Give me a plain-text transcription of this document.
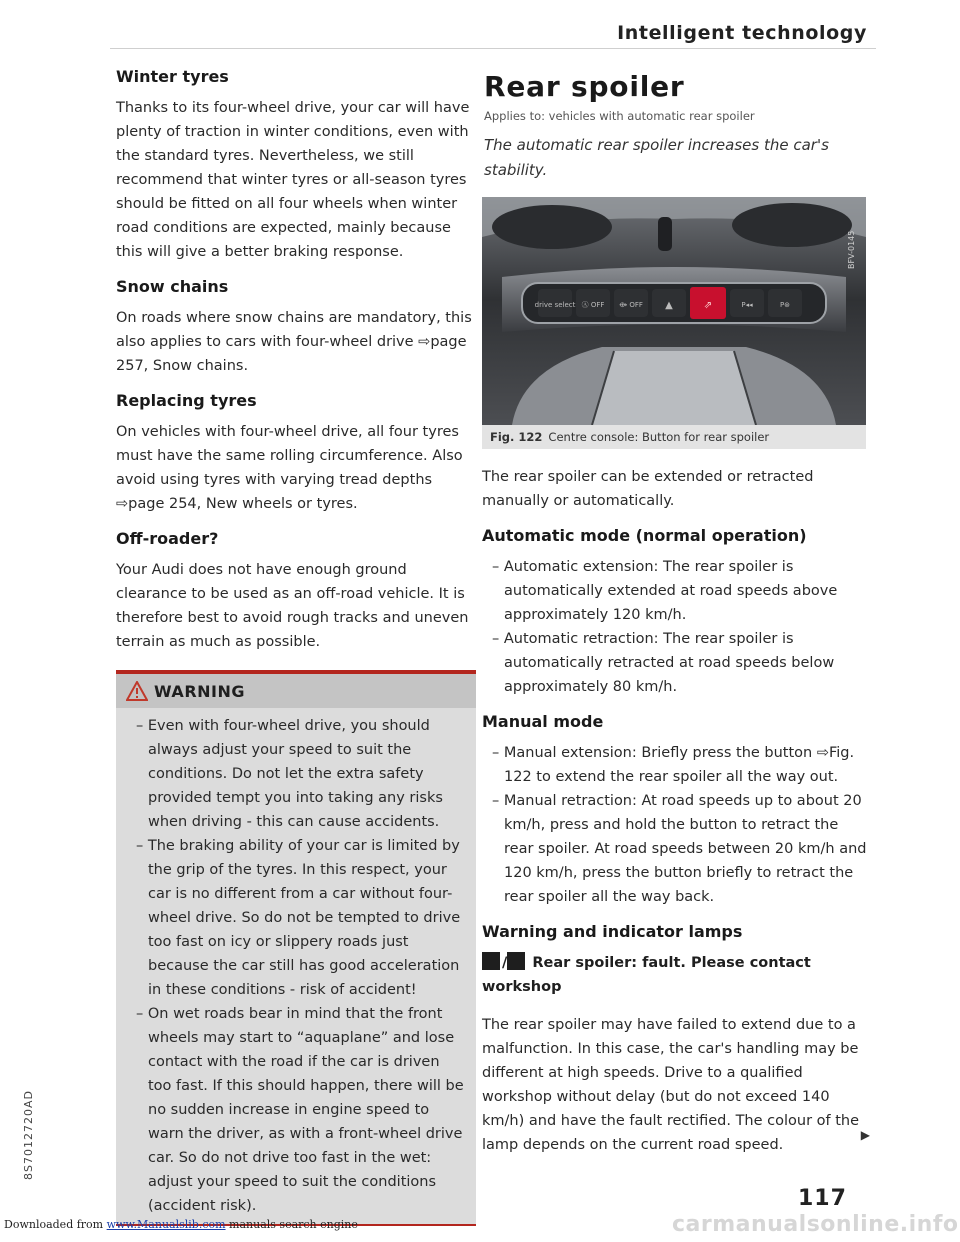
Intelligent technology
Winter tyres

Thanks to its four-wheel drive, your car will have plenty of traction in winter conditions, even with the standard tyres. Nevertheless, we still recommend that winter tyres or all-season tyres should be fitted on all four wheels when winter road conditions are expected, mainly because this will give a better braking response.

Snow chains

On roads where snow chains are mandatory, this also applies to cars with four-wheel drive ⇨page 257, Snow chains.

Replacing tyres

On vehicles with four-wheel drive, all four tyres must have the same rolling circumference. Also avoid using tyres with varying tread depths ⇨page 254, New wheels or tyres.

Off-roader?

Your Audi does not have enough ground clearance to be used as an off-road vehicle. It is therefore best to avoid rough tracks and uneven terrain as much as possible.

WARNING
– Even with four-wheel drive, you should always adjust your speed to suit the conditions. Do not let the extra safety provided tempt you into taking any risks when driving - this can cause accidents.
– The braking ability of your car is limited by the grip of the tyres. In this respect, your car is no different from a car without four-wheel drive. So do not be tempted to drive too fast on icy or slippery roads just because the car still has good acceleration in these conditions - risk of accident!
– On wet roads bear in mind that the front wheels may start to “aquaplane” and lose contact with the road if the car is driven too fast. If this should happen, there will be no sudden increase in engine speed to warn the driver, as with a front-wheel drive car. So do not drive too fast in the wet: adjust your speed to suit the conditions (accident risk).
Rear spoiler
Applies to: vehicles with automatic rear spoiler
The automatic rear spoiler increases the car's stability.
drive select Ⓐ OFF ⟴ OFF ▲	⇗	P◂◂	P⊛
BFV-0145
Fig. 122 Centre console: Button for rear spoiler

The rear spoiler can be extended or retracted manually or automatically.

Automatic mode (normal operation)
– Automatic extension: The rear spoiler is automatically extended at road speeds above approximately 120 km/h.
– Automatic retraction: The rear spoiler is automatically retracted at road speeds below approximately 80 km/h.
Manual mode
– Manual extension: Briefly press the button ⇨Fig. 122 to extend the rear spoiler all the way out.
– Manual retraction: At road speeds up to about 20 km/h, press and hold the button to retract the rear spoiler. At road speeds between 20 km/h and 120 km/h, press the button briefly to retract the rear spoiler all the way back.
Warning and indicator lamps
/ Rear spoiler: fault. Please contact workshop

The rear spoiler may have failed to extend due to a malfunction. In this case, the car's handling may be different at high speeds. Drive to a qualified workshop without delay (but do not exceed 140 km/h) and have the fault rectified. The colour of the lamp depends on the current road speed.
▶

8S7012720AD
117
carmanualsonline.info
Downloaded from www.Manualslib.com manuals search engine
